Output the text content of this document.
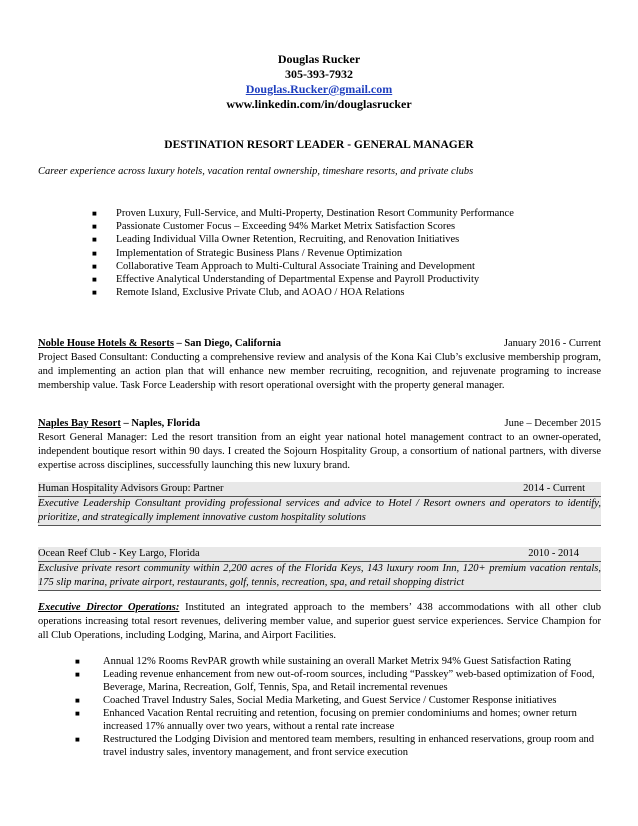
Douglas Rucker
305-393-7932
Douglas.Rucker@gmail.com
www.linkedin.com/in/douglasrucker
DESTINATION RESORT LEADER - GENERAL MANAGER
Career experience across luxury hotels, vacation rental ownership, timeshare resorts, and private clubs
■	Proven Luxury, Full-Service, and Multi-Property, Destination Resort Community Performance
■	Passionate Customer Focus – Exceeding 94% Market Metrix Satisfaction Scores
■	Leading Individual Villa Owner Retention, Recruiting, and Renovation Initiatives
■	Implementation of Strategic Business Plans / Revenue Optimization
■	Collaborative Team Approach to Multi-Cultural Associate Training and Development
■	Effective Analytical Understanding of Departmental Expense and Payroll Productivity
■	Remote Island, Exclusive Private Club, and AOAO / HOA Relations
Noble House Hotels & Resorts – San Diego, California	January 2016 - Current
Project Based Consultant: Conducting a comprehensive review and analysis of the Kona Kai Club’s exclusive membership program, and implementing an action plan that will enhance new member recruiting, recognition, and rejuvenate programing to increase membership value. Task Force Leadership with resort operational oversight with the property general manager.
Naples Bay Resort – Naples, Florida	June – December 2015
Resort General Manager: Led the resort transition from an eight year national hotel management contract to an owner-operated, independent boutique resort within 90 days. I created the Sojourn Hospitality Group, a consortium of national partners, with diverse expertise across disciplines, successfully launching this new luxury brand.
Human Hospitality Advisors Group: Partner	2014 - Current
Executive Leadership Consultant providing professional services and advice to Hotel / Resort owners and operators to identify, prioritize, and strategically implement innovative custom hospitality solutions
Ocean Reef Club - Key Largo, Florida	2010 - 2014
Exclusive private resort community within 2,200 acres of the Florida Keys, 143 luxury room Inn, 120+ premium vacation rentals, 175 slip marina, private airport, restaurants, golf, tennis, recreation, spa, and retail shopping district
Executive Director Operations: Instituted an integrated approach to the members’ 438 accommodations with all other club operations increasing total resort revenues, delivering member value, and superior guest service experiences. Service Champion for all Club Operations, including Lodging, Marina, and Airport Facilities.
■	Annual 12% Rooms RevPAR growth while sustaining an overall Market Metrix 94% Guest Satisfaction Rating
■	Leading revenue enhancement from new out-of-room sources, including “Passkey” web-based optimization of Food, Beverage, Marina, Recreation, Golf, Tennis, Spa, and Retail incremental revenues
■	Coached Travel Industry Sales, Social Media Marketing, and Guest Service / Customer Response initiatives
■	Enhanced Vacation Rental recruiting and retention, focusing on premier condominiums and homes; owner return increased 17% annually over two years, without a rental rate increase
■	Restructured the Lodging Division and mentored team members, resulting in enhanced reservations, group room and travel industry sales, inventory management, and front service execution
